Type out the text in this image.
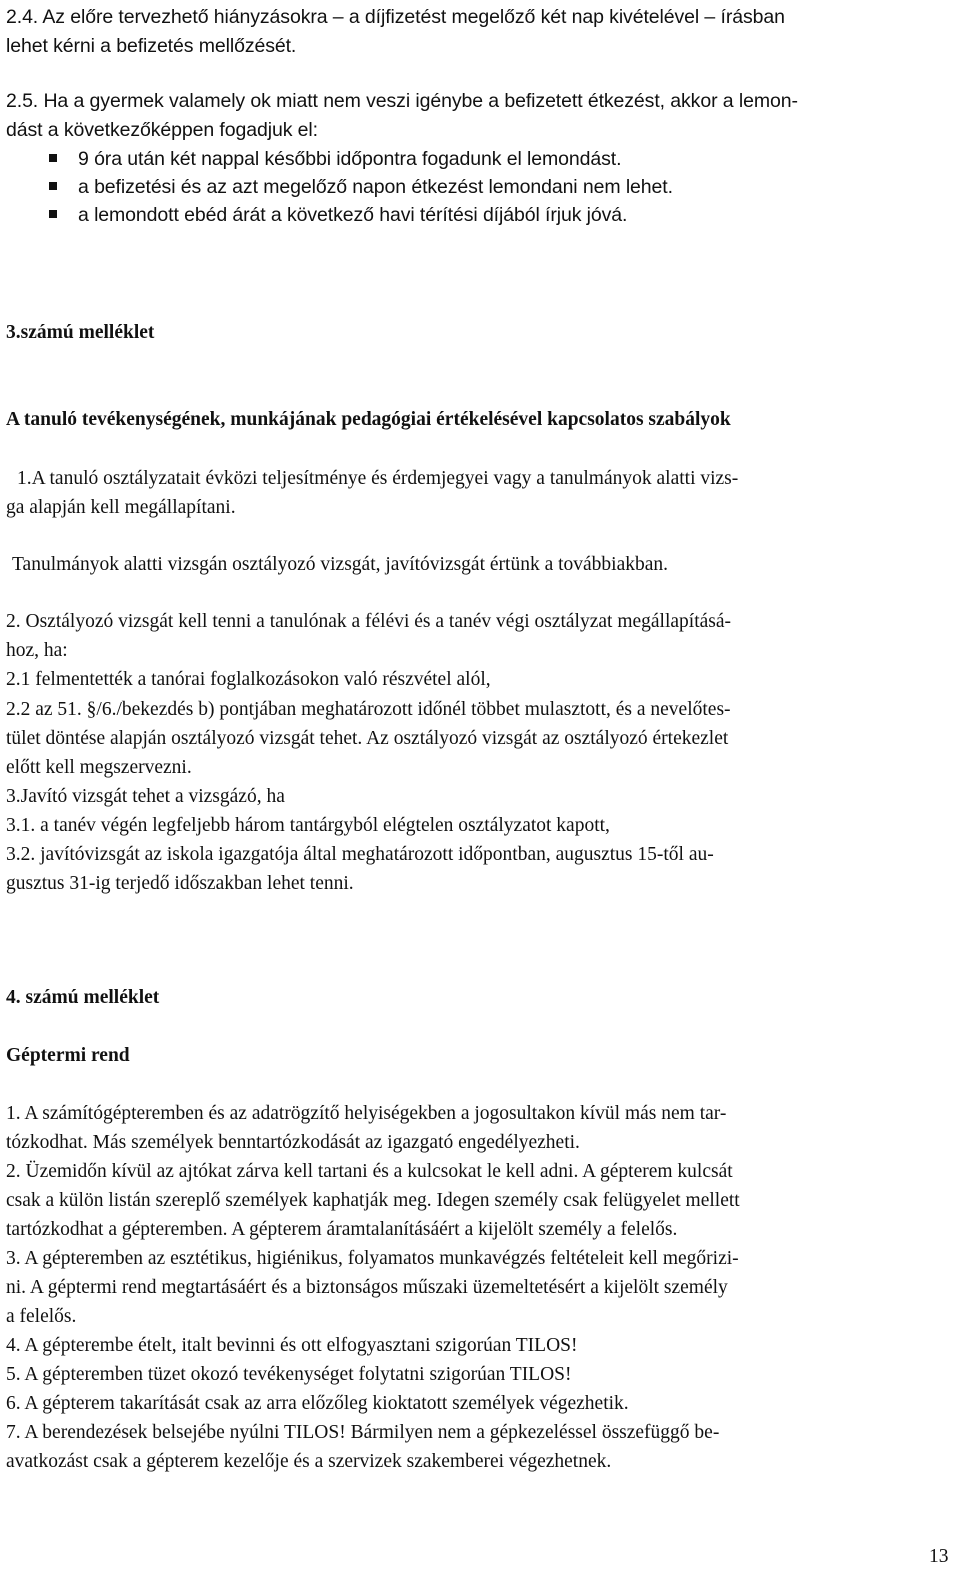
2.4. Az előre tervezhető hiányzásokra – a díjfizetést megelőző két nap kivételével – írásban
lehet kérni a befizetés mellőzését.
2.5. Ha a gyermek valamely ok miatt nem veszi igénybe a befizetett étkezést, akkor a lemon-
dást a következőképpen fogadjuk el:
9 óra után két nappal későbbi időpontra fogadunk el lemondást.
a befizetési és az azt megelőző napon étkezést lemondani nem lehet.
a lemondott ebéd árát a következő havi térítési díjából írjuk jóvá.
3.számú melléklet
A tanuló tevékenységének, munkájának pedagógiai értékelésével kapcsolatos szabályok
1.A tanuló osztályzatait évközi teljesítménye és érdemjegyei vagy a tanulmányok alatti vizs-
ga alapján kell megállapítani.
Tanulmányok alatti vizsgán osztályozó vizsgát, javítóvizsgát értünk a továbbiakban.
2. Osztályozó vizsgát kell tenni a tanulónak a félévi és a tanév végi osztályzat megállapításá-
hoz, ha:
2.1 felmentették a tanórai foglalkozásokon való részvétel alól,
2.2 az 51. §/6./bekezdés b) pontjában meghatározott időnél többet mulasztott, és a nevelőtes-
tület döntése alapján osztályozó vizsgát tehet. Az osztályozó vizsgát az osztályozó értekezlet
előtt kell megszervezni.
3.Javító vizsgát tehet a vizsgázó, ha
3.1. a tanév végén legfeljebb három tantárgyból elégtelen osztályzatot kapott,
3.2. javítóvizsgát az iskola igazgatója által meghatározott időpontban, augusztus 15-től au-
gusztus 31-ig terjedő időszakban lehet tenni.
4. számú melléklet
Géptermi rend
1. A számítógépteremben és az adatrögzítő helyiségekben a jogosultakon kívül más nem tar-
tózkodhat. Más személyek benntartózkodását az igazgató engedélyezheti.
2. Üzemidőn kívül az ajtókat zárva kell tartani és a kulcsokat le kell adni. A gépterem kulcsát
csak a külön listán szereplő személyek kaphatják meg. Idegen személy csak felügyelet mellett
tartózkodhat a gépteremben. A gépterem áramtalanításáért a kijelölt személy a felelős.
3. A gépteremben az esztétikus, higiénikus, folyamatos munkavégzés feltételeit kell megőrizi-
ni. A géptermi rend megtartásáért és a biztonságos műszaki üzemeltetésért a kijelölt személy
a felelős.
4. A gépterembe ételt, italt bevinni és ott elfogyasztani szigorúan TILOS!
5. A gépteremben tüzet okozó tevékenységet folytatni szigorúan TILOS!
6. A gépterem takarítását csak az arra előzőleg kioktatott személyek végezhetik.
7. A berendezések belsejébe nyúlni TILOS! Bármilyen nem a gépkezeléssel összefüggő be-
avatkozást csak a gépterem kezelője és a szervizek szakemberei végezhetnek.
13
